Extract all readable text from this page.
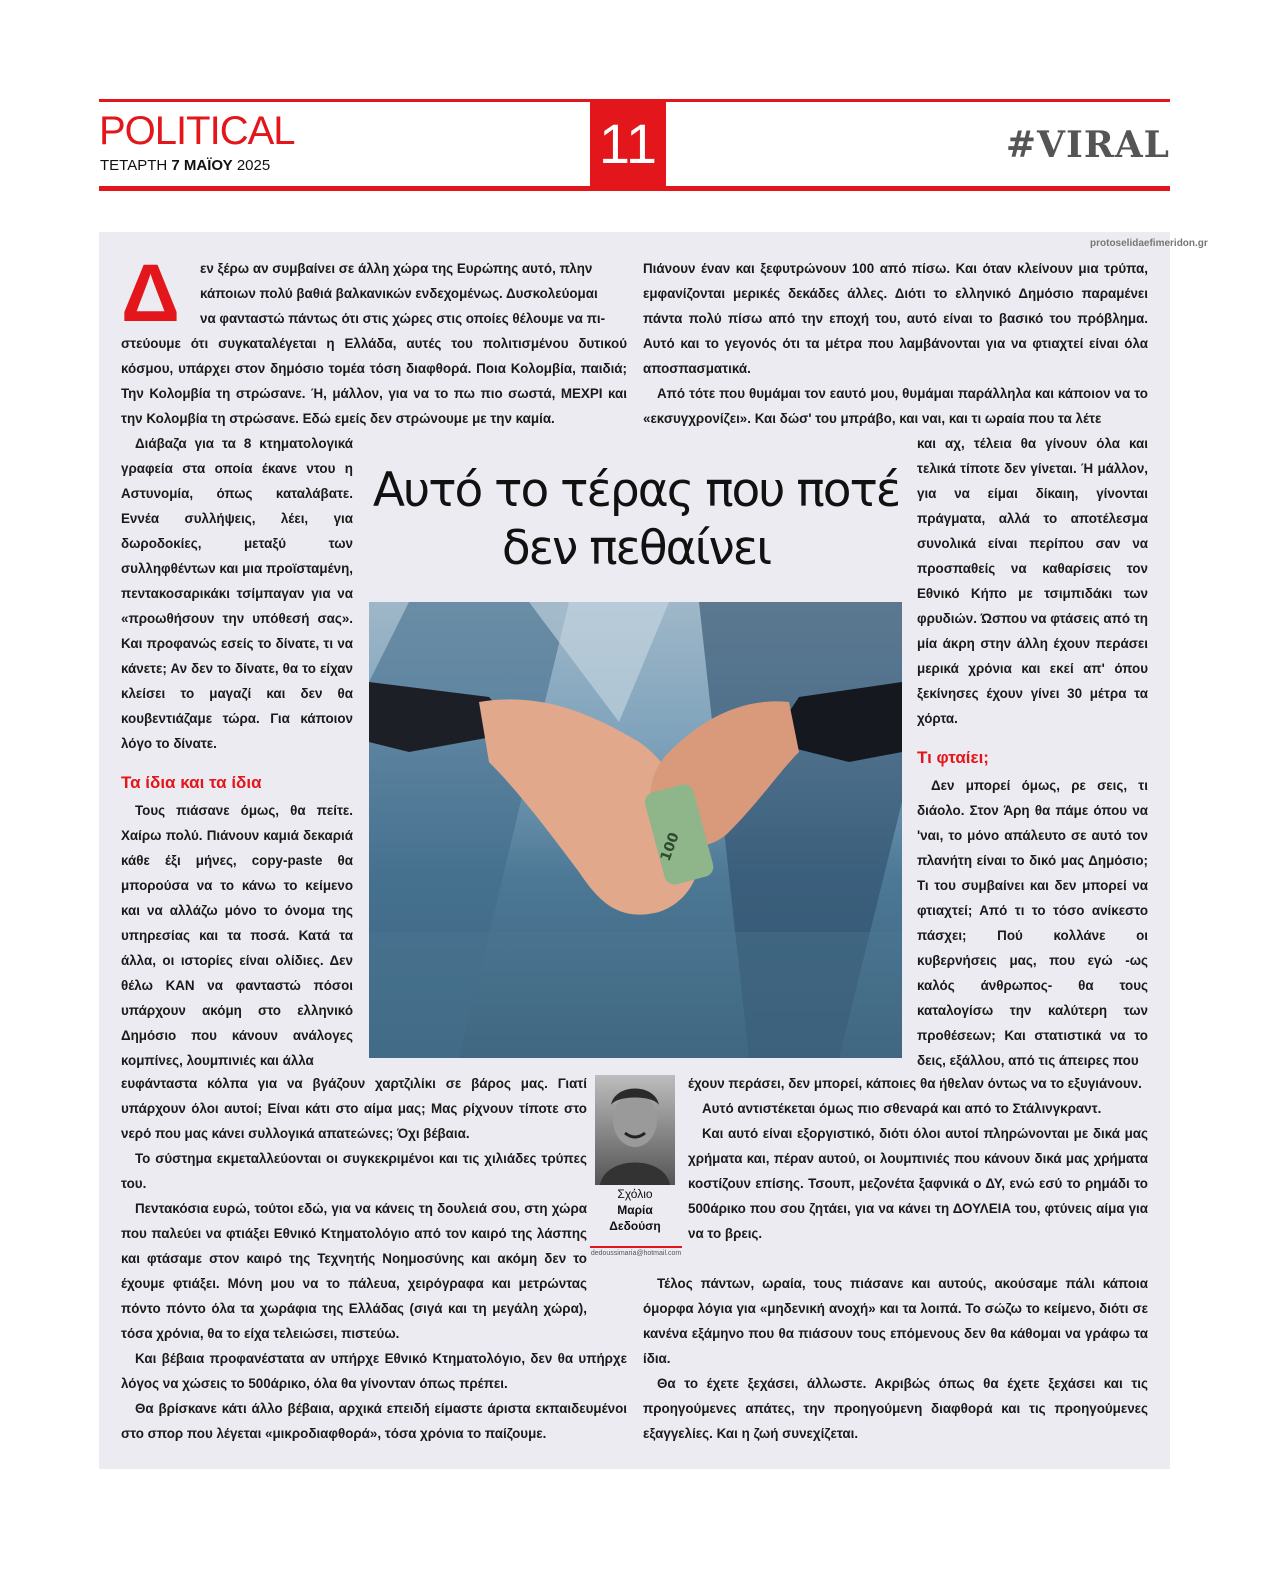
POLITICAL
ΤΕΤΑΡΤΗ 7 ΜΑΪΟΥ 2025	11	#VIRAL
protoselidaefimeridon.gr
Δ εν ξέρω αν συμβαίνει σε άλλη χώρα της Ευρώπης αυτό, πλην

κάποιων πολύ βαθιά βαλκανικών ενδεχομένως. Δυσκολεύομαι

να φανταστώ πάντως ότι στις χώρες στις οποίες θέλουμε να πι-

στεύουμε ότι συγκαταλέγεται η Ελλάδα, αυτές του πολιτισμένου δυτικού κόσμου, υπάρχει στον δημόσιο τομέα τόση διαφθορά. Ποια Κολομβία, παιδιά; Την Κολομβία τη στρώσανε. Ή, μάλλον, για να το πω πιο σωστά, ΜΕΧΡΙ και την Κολομβία τη στρώσανε. Εδώ εμείς δεν στρώνουμε με την καμία.

Διάβαζα για τα 8 κτηματολογικά γραφεία στα οποία έκανε ντου η Αστυνομία, όπως καταλάβατε. Εννέα συλλήψεις, λέει, για δωροδοκίες, μεταξύ των συλληφθέντων και μια προϊσταμένη, πεντακοσαρικάκι τσίμπαγαν για να «προωθήσουν την υπόθεσή σας». Και προφανώς εσείς το δίνατε, τι να κάνετε; Αν δεν το δίνατε, θα το είχαν κλείσει το μαγαζί και δεν θα κουβεντιάζαμε τώρα. Για κάποιον λόγο το δίνατε.

Τα ίδια και τα ίδια

Τους πιάσανε όμως, θα πείτε. Χαίρω πολύ. Πιάνουν καμιά δεκαριά κάθε έξι μήνες, copy-paste θα μπορούσα να το κάνω το κείμενο και να αλλάζω μόνο το όνομα της υπηρεσίας και τα ποσά. Κατά τα άλλα, οι ιστορίες είναι ολίδιες. Δεν θέλω ΚΑΝ να φανταστώ πόσοι υπάρχουν ακόμη στο ελληνικό Δημόσιο που κάνουν ανάλογες κομπίνες, λουμπινιές και άλλα

Πιάνουν έναν και ξεφυτρώνουν 100 από πίσω. Και όταν κλείνουν μια τρύπα, εμφανίζονται μερικές δεκάδες άλλες. Διότι το ελληνικό Δημόσιο παραμένει πάντα πολύ πίσω από την εποχή του, αυτό είναι το βασικό του πρόβλημα. Αυτό και το γεγονός ότι τα μέτρα που λαμβάνονται για να φτιαχτεί είναι όλα αποσπασματικά.

Από τότε που θυμάμαι τον εαυτό μου, θυμάμαι παράλληλα και κάποιον να το «εκσυγχρονίζει». Και δώσ' του μπράβο, και ναι, και τι ωραία που τα λέτε

και αχ, τέλεια θα γίνουν όλα και τελικά τίποτε δεν γίνεται. Ή μάλλον, για να είμαι δίκαιη, γίνονται πράγματα, αλλά το αποτέλεσμα συνολικά είναι περίπου σαν να προσπαθείς να καθαρίσεις τον Εθνικό Κήπο με τσιμπιδάκι των φρυδιών. Ώσπου να φτάσεις από τη μία άκρη στην άλλη έχουν περάσει μερικά χρόνια και εκεί απ' όπου ξεκίνησες έχουν γίνει 30 μέτρα τα χόρτα.

Τι φταίει;

Δεν μπορεί όμως, ρε σεις, τι διάολο. Στον Άρη θα πάμε όπου να 'ναι, το μόνο απάλευτο σε αυτό τον πλανήτη είναι το δικό μας Δημόσιο; Τι του συμβαίνει και δεν μπορεί να φτιαχτεί; Από τι το τόσο ανίκεστο πάσχει; Πού κολλάνε οι κυβερνήσεις μας, που εγώ -ως καλός άνθρωπος- θα τους καταλογίσω την καλύτερη των προθέσεων; Και στατιστικά να το δεις, εξάλλου, από τις άπειρες που

Αυτό το τέρας που ποτέ δεν πεθαίνει
100

ευφάνταστα κόλπα για να βγάζουν χαρτζιλίκι σε βάρος μας. Γιατί υπάρχουν όλοι αυτοί; Είναι κάτι στο αίμα μας; Μας ρίχνουν τίποτε στο νερό που μας κάνει συλλογικά απατεώνες; Όχι βέβαια.

Το σύστημα εκμεταλλεύονται οι συγκεκριμένοι και τις χιλιάδες τρύπες του.

Πεντακόσια ευρώ, τούτοι εδώ, για να κάνεις τη δουλειά σου, στη χώρα που παλεύει να φτιάξει Εθνικό Κτηματολόγιο από τον καιρό της λάσπης και φτάσαμε στον καιρό της Τεχνητής Νοημοσύνης και ακόμη δεν το έχουμε φτιάξει. Μόνη μου να το πάλευα, χειρόγραφα και μετρώντας πόντο πόντο όλα τα χωράφια της Ελλάδας (σιγά και τη μεγάλη χώρα), τόσα χρόνια, θα το είχα τελειώσει, πιστεύω.

Και βέβαια προφανέστατα αν υπήρχε Εθνικό Κτηματολόγιο, δεν θα υπήρχε λόγος να χώσεις το 500άρικο, όλα θα γίνονταν όπως πρέπει.

Θα βρίσκανε κάτι άλλο βέβαια, αρχικά επειδή είμαστε άριστα εκπαιδευμένοι στο σπορ που λέγεται «μικροδιαφθορά», τόσα χρόνια το παίζουμε.

Σχόλιο
Μαρία
Δεδούση
dedoussimaria@hotmail.com

έχουν περάσει, δεν μπορεί, κάποιες θα ήθελαν όντως να το εξυγιάνουν.

Αυτό αντιστέκεται όμως πιο σθεναρά και από το Στάλινγκραντ.

Και αυτό είναι εξοργιστικό, διότι όλοι αυτοί πληρώνονται με δικά μας χρήματα και, πέραν αυτού, οι λουμπινιές που κάνουν δικά μας χρήματα κοστίζουν επίσης. Τσουπ, μεζονέτα ξαφνικά ο ΔΥ, ενώ εσύ το ρημάδι το 500άρικο που σου ζητάει, για να κάνει τη ΔΟΥΛΕΙΑ του, φτύνεις αίμα για να το βρεις.

Τέλος πάντων, ωραία, τους πιάσανε και αυτούς, ακούσαμε πάλι κάποια όμορφα λόγια για «μηδενική ανοχή» και τα λοιπά. Το σώζω το κείμενο, διότι σε κανένα εξάμηνο που θα πιάσουν τους επόμενους δεν θα κάθομαι να γράφω τα ίδια.

Θα το έχετε ξεχάσει, άλλωστε. Ακριβώς όπως θα έχετε ξεχάσει και τις προηγούμενες απάτες, την προηγούμενη διαφθορά και τις προηγούμενες εξαγγελίες. Και η ζωή συνεχίζεται.
